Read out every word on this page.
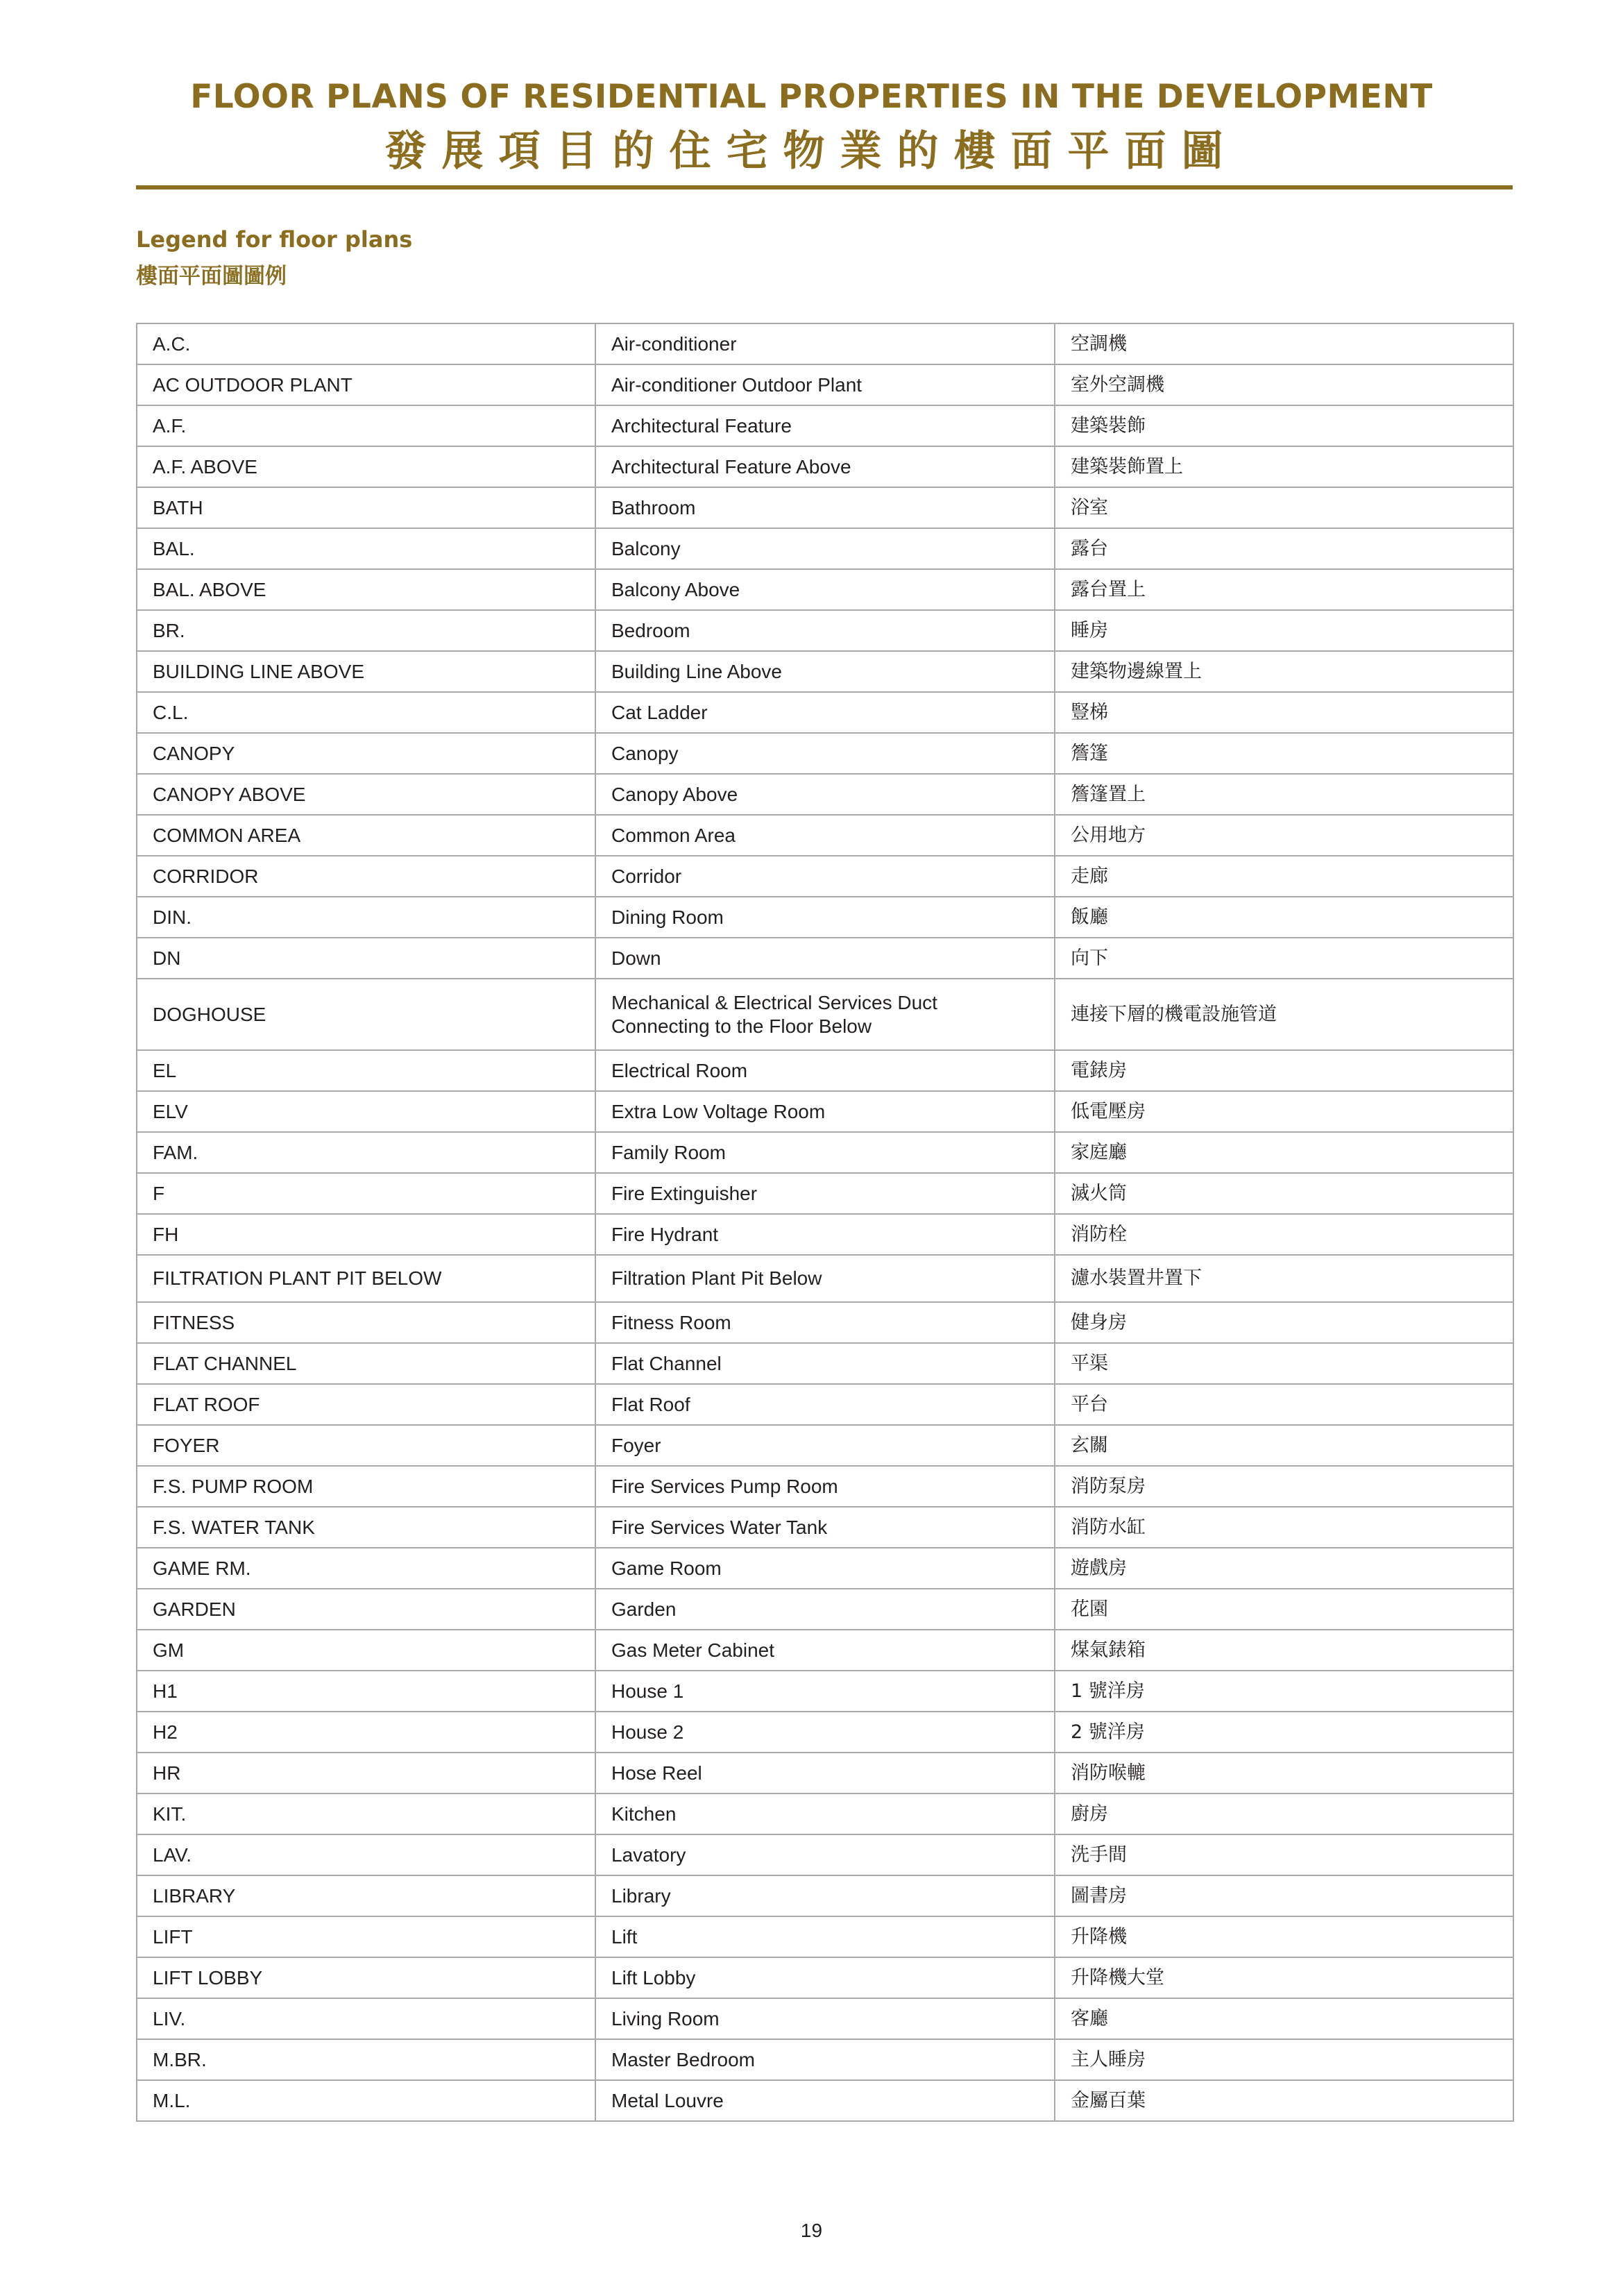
FLOOR PLANS OF RESIDENTIAL PROPERTIES IN THE DEVELOPMENT
發展項目的住宅物業的樓面平面圖
Legend for floor plans
樓面平面圖圖例
A.C.	Air-conditioner	空調機
AC OUTDOOR PLANT	Air-conditioner Outdoor Plant	室外空調機
A.F.	Architectural Feature	建築裝飾
A.F. ABOVE	Architectural Feature Above	建築裝飾置上
BATH	Bathroom	浴室
BAL.	Balcony	露台
BAL. ABOVE	Balcony Above	露台置上
BR.	Bedroom	睡房
BUILDING LINE ABOVE	Building Line Above	建築物邊線置上
C.L.	Cat Ladder	豎梯
CANOPY	Canopy	簷篷
CANOPY ABOVE	Canopy Above	簷篷置上
COMMON AREA	Common Area	公用地方
CORRIDOR	Corridor	走廊
DIN.	Dining Room	飯廳
DN	Down	向下
DOGHOUSE	Mechanical & Electrical Services Duct Connecting to the Floor Below	連接下層的機電設施管道
EL	Electrical Room	電錶房
ELV	Extra Low Voltage Room	低電壓房
FAM.	Family Room	家庭廳
F	Fire Extinguisher	滅火筒
FH	Fire Hydrant	消防栓
FILTRATION PLANT PIT BELOW	Filtration Plant Pit Below	濾水裝置井置下
FITNESS	Fitness Room	健身房
FLAT CHANNEL	Flat Channel	平渠
FLAT ROOF	Flat Roof	平台
FOYER	Foyer	玄關
F.S. PUMP ROOM	Fire Services Pump Room	消防泵房
F.S. WATER TANK	Fire Services Water Tank	消防水缸
GAME RM.	Game Room	遊戲房
GARDEN	Garden	花園
GM	Gas Meter Cabinet	煤氣錶箱
H1	House 1	1 號洋房
H2	House 2	2 號洋房
HR	Hose Reel	消防喉轆
KIT.	Kitchen	廚房
LAV.	Lavatory	洗手間
LIBRARY	Library	圖書房
LIFT	Lift	升降機
LIFT LOBBY	Lift Lobby	升降機大堂
LIV.	Living Room	客廳
M.BR.	Master Bedroom	主人睡房
M.L.	Metal Louvre	金屬百葉
19
